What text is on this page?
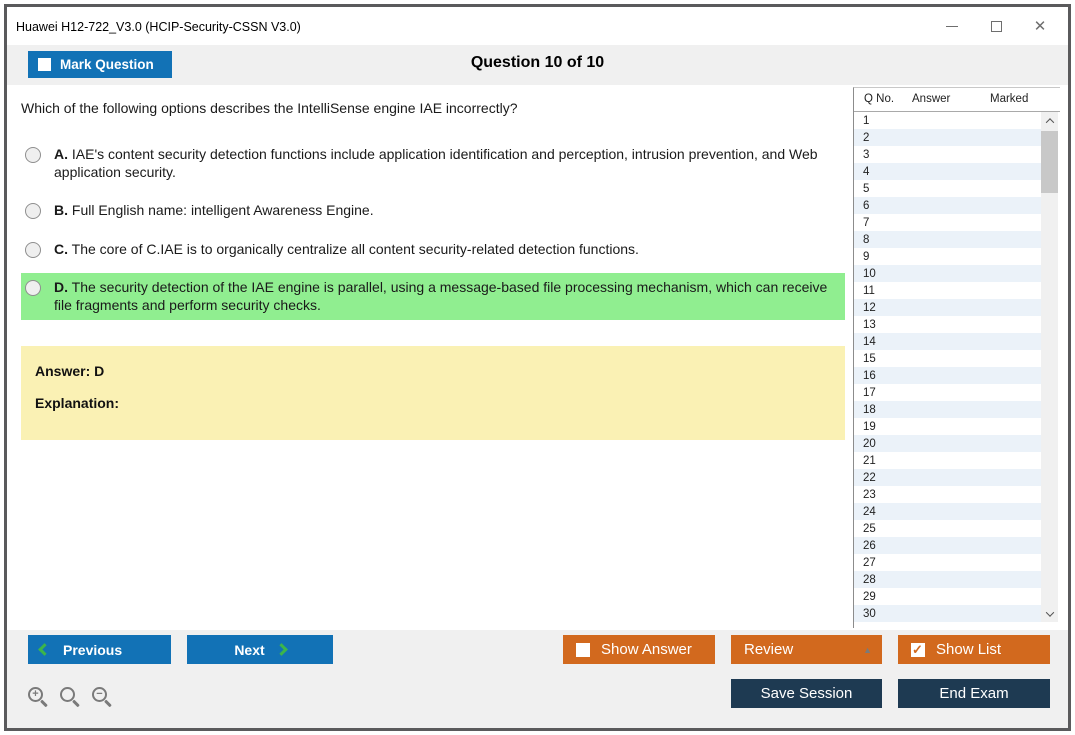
Huawei H12-722_V3.0 (HCIP-Security-CSSN V3.0)	✕
Mark Question	Question 10 of 10
Which of the following options describes the IntelliSense engine IAE incorrectly?
A. IAE's content security detection functions include application identification and perception, intrusion prevention, and Web application security.
B. Full English name: intelligent Awareness Engine.
C. The core of C.IAE is to organically centralize all content security-related detection functions.
D. The security detection of the IAE engine is parallel, using a message-based file processing mechanism, which can receive file fragments and perform security checks.
Answer: D
Explanation:
Q No. Answer	Marked
1
2
3
4
5
6
7
8
9
10
11
12
13
14
15
16
17
18
19
20
21
22
23
24
25
26
27
28
29
30
Previous	Next	Show Answer	Review	▲ ✓	Show List
Save Session	End Exam
+	−
